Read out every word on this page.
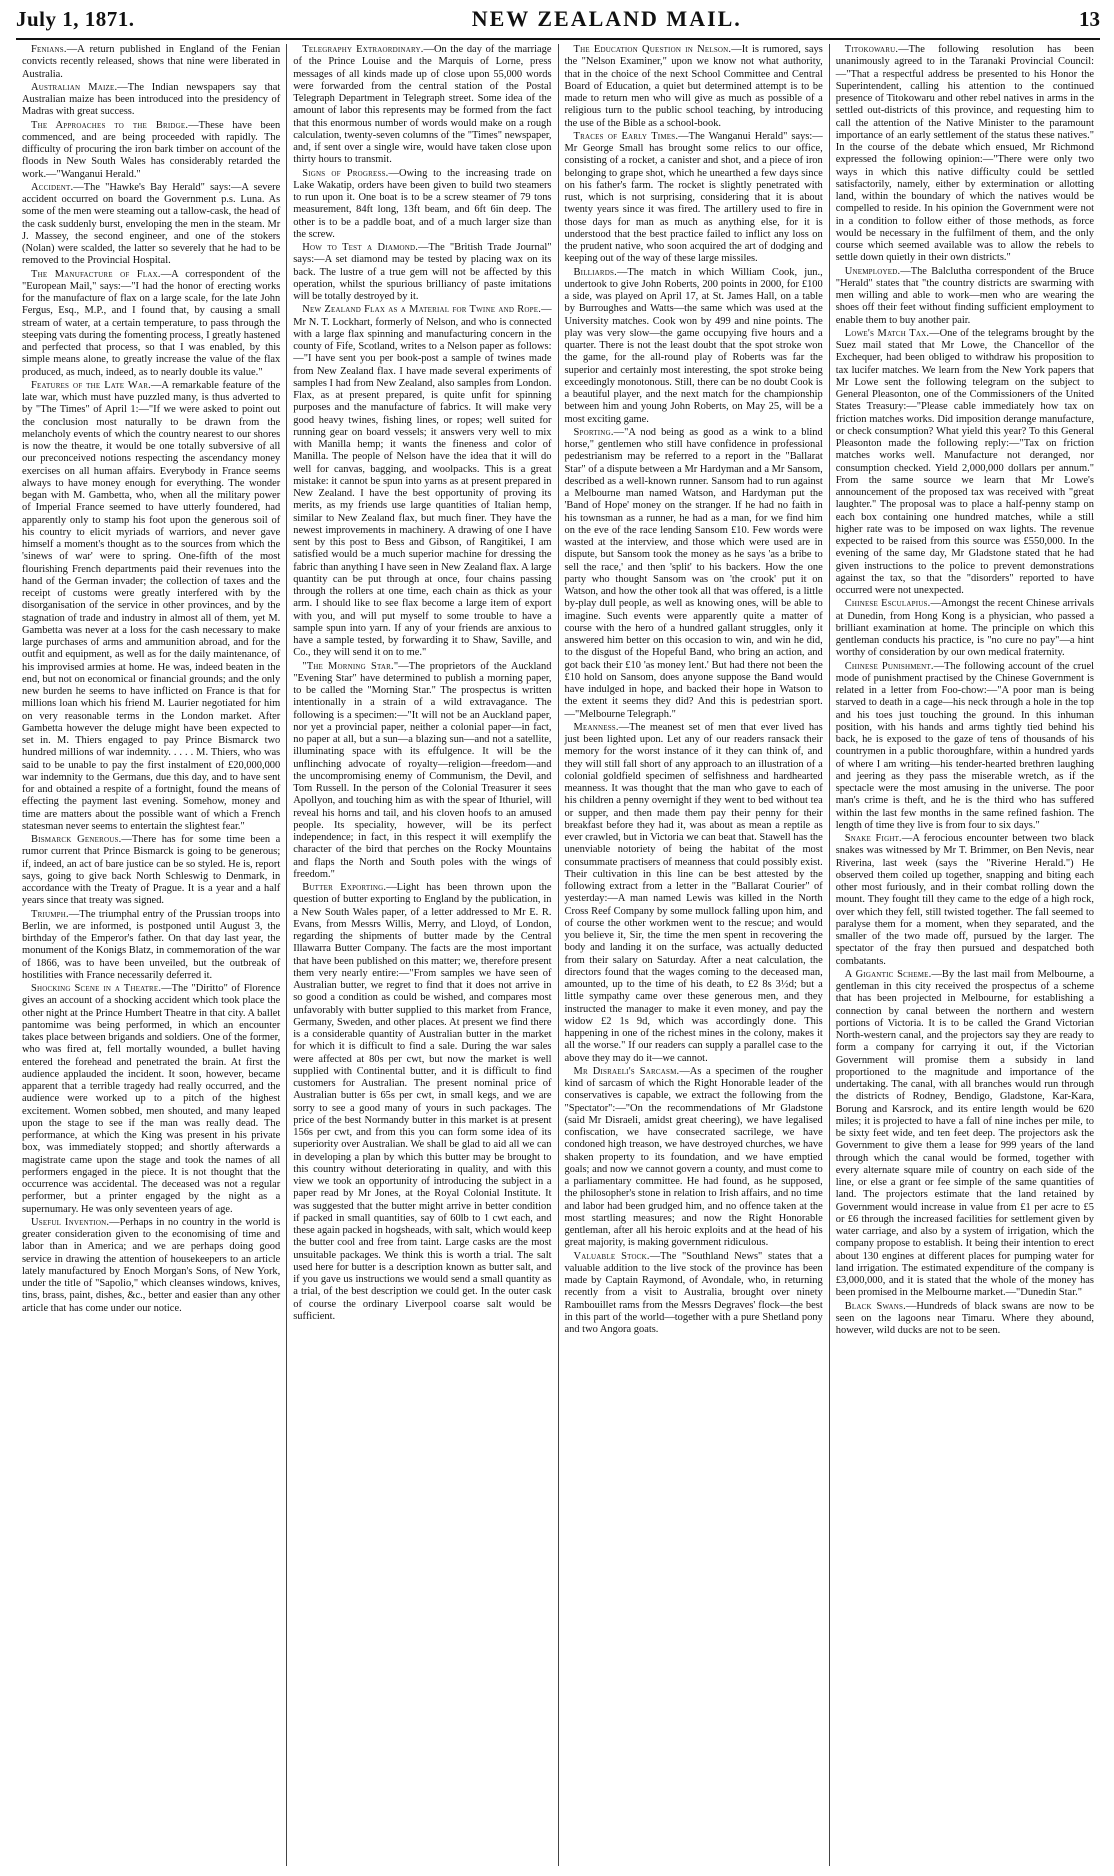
July 1, 1871.	NEW ZEALAND MAIL.	13

Fenians.—A return published in England of the Fenian convicts recently released, shows that nine were liberated in Australia.

Australian Maize.—The Indian newspapers say that Australian maize has been introduced into the presidency of Madras with great success.

The Approaches to the Bridge.—These have been commenced, and are being proceeded with rapidly. The difficulty of procuring the iron bark timber on account of the floods in New South Wales has considerably retarded the work.—"Wanganui Herald."

Accident.—The "Hawke's Bay Herald" says:—A severe accident occurred on board the Government p.s. Luna. As some of the men were steaming out a tallow-cask, the head of the cask suddenly burst, enveloping the men in the steam. Mr J. Massey, the second engineer, and one of the stokers (Nolan) were scalded, the latter so severely that he had to be removed to the Provincial Hospital.

The Manufacture of Flax.—A correspondent of the "European Mail," says:—"I had the honor of erecting works for the manufacture of flax on a large scale, for the late John Fergus, Esq., M.P., and I found that, by causing a small stream of water, at a certain temperature, to pass through the steeping vats during the fomenting process, I greatly hastened and perfected that process, so that I was enabled, by this simple means alone, to greatly increase the value of the flax produced, as much, indeed, as to nearly double its value."

Features of the Late War.—A remarkable feature of the late war, which must have puzzled many, is thus adverted to by "The Times" of April 1:—"If we were asked to point out the conclusion most naturally to be drawn from the melancholy events of which the country nearest to our shores is now the theatre, it would be one totally subversive of all our preconceived notions respecting the ascendancy money exercises on all human affairs. Everybody in France seems always to have money enough for everything. The wonder began with M. Gambetta, who, when all the military power of Imperial France seemed to have utterly foundered, had apparently only to stamp his foot upon the generous soil of his country to elicit myriads of warriors, and never gave himself a moment's thought as to the sources from which the 'sinews of war' were to spring. One-fifth of the most flourishing French departments paid their revenues into the hand of the German invader; the collection of taxes and the receipt of customs were greatly interfered with by the disorganisation of the service in other provinces, and by the stagnation of trade and industry in almost all of them, yet M. Gambetta was never at a loss for the cash necessary to make large purchases of arms and ammunition abroad, and for the outfit and equipment, as well as for the daily maintenance, of his improvised armies at home. He was, indeed beaten in the end, but not on economical or financial grounds; and the only new burden he seems to have inflicted on France is that for millions loan which his friend M. Laurier negotiated for him on very reasonable terms in the London market. After Gambetta however the deluge might have been expected to set in. M. Thiers engaged to pay Prince Bismarck two hundred millions of war indemnity. . . . . M. Thiers, who was said to be unable to pay the first instalment of £20,000,000 war indemnity to the Germans, due this day, and to have sent for and obtained a respite of a fortnight, found the means of effecting the payment last evening. Somehow, money and time are matters about the possible want of which a French statesman never seems to entertain the slightest fear."

Bismarck Generous.—There has for some time been a rumor current that Prince Bismarck is going to be generous; if, indeed, an act of bare justice can be so styled. He is, report says, going to give back North Schleswig to Denmark, in accordance with the Treaty of Prague. It is a year and a half years since that treaty was signed.

Triumph.—The triumphal entry of the Prussian troops into Berlin, we are informed, is postponed until August 3, the birthday of the Emperor's father. On that day last year, the monument of the Konigs Blatz, in commemoration of the war of 1866, was to have been unveiled, but the outbreak of hostilities with France necessarily deferred it.

Shocking Scene in a Theatre.—The "Diritto" of Florence gives an account of a shocking accident which took place the other night at the Prince Humbert Theatre in that city. A ballet pantomime was being performed, in which an encounter takes place between brigands and soldiers. One of the former, who was fired at, fell mortally wounded, a bullet having entered the forehead and penetrated the brain. At first the audience applauded the incident. It soon, however, became apparent that a terrible tragedy had really occurred, and the audience were worked up to a pitch of the highest excitement. Women sobbed, men shouted, and many leaped upon the stage to see if the man was really dead. The performance, at which the King was present in his private box, was immediately stopped; and shortly afterwards a magistrate came upon the stage and took the names of all performers engaged in the piece. It is not thought that the occurrence was accidental. The deceased was not a regular performer, but a printer engaged by the night as a supernumary. He was only seventeen years of age.

Useful Invention.—Perhaps in no country in the world is greater consideration given to the economising of time and labor than in America; and we are perhaps doing good service in drawing the attention of housekeepers to an article lately manufactured by Enoch Morgan's Sons, of New York, under the title of "Sapolio," which cleanses windows, knives, tins, brass, paint, dishes, &c., better and easier than any other article that has come under our notice.

Telegraphy Extraordinary.—On the day of the marriage of the Prince Louise and the Marquis of Lorne, press messages of all kinds made up of close upon 55,000 words were forwarded from the central station of the Postal Telegraph Department in Telegraph street. Some idea of the amount of labor this represents may be formed from the fact that this enormous number of words would make on a rough calculation, twenty-seven columns of the "Times" newspaper, and, if sent over a single wire, would have taken close upon thirty hours to transmit.

Signs of Progress.—Owing to the increasing trade on Lake Wakatip, orders have been given to build two steamers to run upon it. One boat is to be a screw steamer of 79 tons measurement, 84ft long, 13ft beam, and 6ft 6in deep. The other is to be a paddle boat, and of a much larger size than the screw.

How to Test a Diamond.—The "British Trade Journal" says:—A set diamond may be tested by placing wax on its back. The lustre of a true gem will not be affected by this operation, whilst the spurious brilliancy of paste imitations will be totally destroyed by it.

New Zealand Flax as a Material for Twine and Rope.—Mr N. T. Lockhart, formerly of Nelson, and who is connected with a large flax spinning and manufacturing concern in the county of Fife, Scotland, writes to a Nelson paper as follows:—"I have sent you per book-post a sample of twines made from New Zealand flax. I have made several experiments of samples I had from New Zealand, also samples from London. Flax, as at present prepared, is quite unfit for spinning purposes and the manufacture of fabrics. It will make very good heavy twines, fishing lines, or ropes; well suited for running gear on board vessels; it answers very well to mix with Manilla hemp; it wants the fineness and color of Manilla. The people of Nelson have the idea that it will do well for canvas, bagging, and woolpacks. This is a great mistake: it cannot be spun into yarns as at present prepared in New Zealand. I have the best opportunity of proving its merits, as my friends use large quantities of Italian hemp, similar to New Zealand flax, but much finer. They have the newest improvements in machinery. A drawing of one I have sent by this post to Bess and Gibson, of Rangitikei, I am satisfied would be a much superior machine for dressing the fabric than anything I have seen in New Zealand flax. A large quantity can be put through at once, four chains passing through the rollers at one time, each chain as thick as your arm. I should like to see flax become a large item of export with you, and will put myself to some trouble to have a sample spun into yarn. If any of your friends are anxious to have a sample tested, by forwarding it to Shaw, Saville, and Co., they will send it on to me."

"The Morning Star."—The proprietors of the Auckland "Evening Star" have determined to publish a morning paper, to be called the "Morning Star." The prospectus is written intentionally in a strain of a wild extravagance. The following is a specimen:—"It will not be an Auckland paper, nor yet a provincial paper, neither a colonial paper—in fact, no paper at all, but a sun—a blazing sun—and not a satellite, illuminating space with its effulgence. It will be the unflinching advocate of royalty—religion—freedom—and the uncompromising enemy of Communism, the Devil, and Tom Russell. In the person of the Colonial Treasurer it sees Apollyon, and touching him as with the spear of Ithuriel, will reveal his horns and tail, and his cloven hoofs to an amused people. Its speciality, however, will be its perfect independence; in fact, in this respect it will exemplify the character of the bird that perches on the Rocky Mountains and flaps the North and South poles with the wings of freedom."

Butter Exporting.—Light has been thrown upon the question of butter exporting to England by the publication, in a New South Wales paper, of a letter addressed to Mr E. R. Evans, from Messrs Willis, Merry, and Lloyd, of London, regarding the shipments of butter made by the Central Illawarra Butter Company. The facts are the most important that have been published on this matter; we, therefore present them very nearly entire:—"From samples we have seen of Australian butter, we regret to find that it does not arrive in so good a condition as could be wished, and compares most unfavorably with butter supplied to this market from France, Germany, Sweden, and other places. At present we find there is a considerable quantity of Australian butter in the market for which it is difficult to find a sale. During the war sales were affected at 80s per cwt, but now the market is well supplied with Continental butter, and it is difficult to find customers for Australian. The present nominal price of Australian butter is 65s per cwt, in small kegs, and we are sorry to see a good many of yours in such packages. The price of the best Normandy butter in this market is at present 156s per cwt, and from this you can form some idea of its superiority over Australian. We shall be glad to aid all we can in developing a plan by which this butter may be brought to this country without deteriorating in quality, and with this view we took an opportunity of introducing the subject in a paper read by Mr Jones, at the Royal Colonial Institute. It was suggested that the butter might arrive in better condition if packed in small quantities, say of 60lb to 1 cwt each, and these again packed in hogsheads, with salt, which would keep the butter cool and free from taint. Large casks are the most unsuitable packages. We think this is worth a trial. The salt used here for butter is a description known as butter salt, and if you gave us instructions we would send a small quantity as a trial, of the best description we could get. In the outer cask of course the ordinary Liverpool coarse salt would be sufficient.

The Education Question in Nelson.—It is rumored, says the "Nelson Examiner," upon we know not what authority, that in the choice of the next School Committee and Central Board of Education, a quiet but determined attempt is to be made to return men who will give as much as possible of a religious turn to the public school teaching, by introducing the use of the Bible as a school-book.

Traces of Early Times.—The Wanganui Herald" says:—Mr George Small has brought some relics to our office, consisting of a rocket, a canister and shot, and a piece of iron belonging to grape shot, which he unearthed a few days since on his father's farm. The rocket is slightly penetrated with rust, which is not surprising, considering that it is about twenty years since it was fired. The artillery used to fire in those days for man as much as anything else, for it is understood that the best practice failed to inflict any loss on the prudent native, who soon acquired the art of dodging and keeping out of the way of these large missiles.

Billiards.—The match in which William Cook, jun., undertook to give John Roberts, 200 points in 2000, for £100 a side, was played on April 17, at St. James Hall, on a table by Burroughes and Watts—the same which was used at the University matches. Cook won by 499 and nine points. The play was very slow—the game occupying five hours and a quarter. There is not the least doubt that the spot stroke won the game, for the all-round play of Roberts was far the superior and certainly most interesting, the spot stroke being exceedingly monotonous. Still, there can be no doubt Cook is a beautiful player, and the next match for the championship between him and young John Roberts, on May 25, will be a most exciting game.

Sporting.—"A nod being as good as a wink to a blind horse," gentlemen who still have confidence in professional pedestrianism may be referred to a report in the "Ballarat Star" of a dispute between a Mr Hardyman and a Mr Sansom, described as a well-known runner. Sansom had to run against a Melbourne man named Watson, and Hardyman put the 'Band of Hope' money on the stranger. If he had no faith in his townsman as a runner, he had as a man, for we find him on the eve of the race lending Sansom £10. Few words were wasted at the interview, and those which were used are in dispute, but Sansom took the money as he says 'as a bribe to sell the race,' and then 'split' to his backers. How the one party who thought Sansom was on 'the crook' put it on Watson, and how the other took all that was offered, is a little by-play dull people, as well as knowing ones, will be able to imagine. Such events were apparently quite a matter of course with the hero of a hundred gallant struggles, only it answered him better on this occasion to win, and win he did, to the disgust of the Hopeful Band, who bring an action, and got back their £10 'as money lent.' But had there not been the £10 hold on Sansom, does anyone suppose the Band would have indulged in hope, and backed their hope in Watson to the extent it seems they did? And this is pedestrian sport.—"Melbourne Telegraph."

Meanness.—The meanest set of men that ever lived has just been lighted upon. Let any of our readers ransack their memory for the worst instance of it they can think of, and they will still fall short of any approach to an illustration of a colonial goldfield specimen of selfishness and hardhearted meanness. It was thought that the man who gave to each of his children a penny overnight if they went to bed without tea or supper, and then made them pay their penny for their breakfast before they had it, was about as mean a reptile as ever crawled, but in Victoria we can beat that. Stawell has the unenviable notoriety of being the habitat of the most consummate practisers of meanness that could possibly exist. Their cultivation in this line can be best attested by the following extract from a letter in the "Ballarat Courier" of yesterday:—A man named Lewis was killed in the North Cross Reef Company by some mullock falling upon him, and of course the other workmen went to the rescue; and would you believe it, Sir, the time the men spent in recovering the body and landing it on the surface, was actually deducted from their salary on Saturday. After a neat calculation, the directors found that the wages coming to the deceased man, amounted, up to the time of his death, to £2 8s 3½d; but a little sympathy came over these generous men, and they instructed the manager to make it even money, and pay the widow £2 1s 9d, which was accordingly done. This happening in one of the richest mines in the colony, makes it all the worse." If our readers can supply a parallel case to the above they may do it—we cannot.

Mr Disraeli's Sarcasm.—As a specimen of the rougher kind of sarcasm of which the Right Honorable leader of the conservatives is capable, we extract the following from the "Spectator":—"On the recommendations of Mr Gladstone (said Mr Disraeli, amidst great cheering), we have legalised confiscation, we have consecrated sacrilege, we have condoned high treason, we have destroyed churches, we have shaken property to its foundation, and we have emptied goals; and now we cannot govern a county, and must come to a parliamentary committee. He had found, as he supposed, the philosopher's stone in relation to Irish affairs, and no time and labor had been grudged him, and no offence taken at the most startling measures; and now the Right Honorable gentleman, after all his heroic exploits and at the head of his great majority, is making government ridiculous.

Valuable Stock.—The "Southland News" states that a valuable addition to the live stock of the province has been made by Captain Raymond, of Avondale, who, in returning recently from a visit to Australia, brought over ninety Rambouillet rams from the Messrs Degraves' flock—the best in this part of the world—together with a pure Shetland pony and two Angora goats.

Titokowaru.—The following resolution has been unanimously agreed to in the Taranaki Provincial Council:—"That a respectful address be presented to his Honor the Superintendent, calling his attention to the continued presence of Titokowaru and other rebel natives in arms in the settled out-districts of this province, and requesting him to call the attention of the Native Minister to the paramount importance of an early settlement of the status these natives." In the course of the debate which ensued, Mr Richmond expressed the following opinion:—"There were only two ways in which this native difficulty could be settled satisfactorily, namely, either by extermination or allotting land, within the boundary of which the natives would be compelled to reside. In his opinion the Government were not in a condition to follow either of those methods, as force would be necessary in the fulfilment of them, and the only course which seemed available was to allow the rebels to settle down quietly in their own districts."

Unemployed.—The Balclutha correspondent of the Bruce "Herald" states that "the country districts are swarming with men willing and able to work—men who are wearing the shoes off their feet without finding sufficient employment to enable them to buy another pair.

Lowe's Match Tax.—One of the telegrams brought by the Suez mail stated that Mr Lowe, the Chancellor of the Exchequer, had been obliged to withdraw his proposition to tax lucifer matches. We learn from the New York papers that Mr Lowe sent the following telegram on the subject to General Pleasonton, one of the Commissioners of the United States Treasury:—"Please cable immediately how tax on friction matches works. Did imposition derange manufacture, or check consumption? What yield this year? To this General Pleasonton made the following reply:—"Tax on friction matches works well. Manufacture not deranged, nor consumption checked. Yield 2,000,000 dollars per annum." From the same source we learn that Mr Lowe's announcement of the proposed tax was received with "great laughter." The proposal was to place a half-penny stamp on each box containing one hundred matches, while a still higher rate was to be imposed on wax lights. The revenue expected to be raised from this source was £550,000. In the evening of the same day, Mr Gladstone stated that he had given instructions to the police to prevent demonstrations against the tax, so that the "disorders" reported to have occurred were not unexpected.

Chinese Esculapius.—Amongst the recent Chinese arrivals at Dunedin, from Hong Kong is a physician, who passed a brilliant examination at home. The principle on which this gentleman conducts his practice, is "no cure no pay"—a hint worthy of consideration by our own medical fraternity.

Chinese Punishment.—The following account of the cruel mode of punishment practised by the Chinese Government is related in a letter from Foo-chow:—"A poor man is being starved to death in a cage—his neck through a hole in the top and his toes just touching the ground. In this inhuman position, with his hands and arms tightly tied behind his back, he is exposed to the gaze of tens of thousands of his countrymen in a public thoroughfare, within a hundred yards of where I am writing—his tender-hearted brethren laughing and jeering as they pass the miserable wretch, as if the spectacle were the most amusing in the universe. The poor man's crime is theft, and he is the third who has suffered within the last few months in the same refined fashion. The length of time they live is from four to six days."

Snake Fight.—A ferocious encounter between two black snakes was witnessed by Mr T. Brimmer, on Ben Nevis, near Riverina, last week (says the "Riverine Herald.") He observed them coiled up together, snapping and biting each other most furiously, and in their combat rolling down the mount. They fought till they came to the edge of a high rock, over which they fell, still twisted together. The fall seemed to paralyse them for a moment, when they separated, and the smaller of the two made off, pursued by the larger. The spectator of the fray then pursued and despatched both combatants.

A Gigantic Scheme.—By the last mail from Melbourne, a gentleman in this city received the prospectus of a scheme that has been projected in Melbourne, for establishing a connection by canal between the northern and western portions of Victoria. It is to be called the Grand Victorian North-western canal, and the projectors say they are ready to form a company for carrying it out, if the Victorian Government will promise them a subsidy in land proportioned to the magnitude and importance of the undertaking. The canal, with all branches would run through the districts of Rodney, Bendigo, Gladstone, Kar-Kara, Borung and Karsrock, and its entire length would be 620 miles; it is projected to have a fall of nine inches per mile, to be sixty feet wide, and ten feet deep. The projectors ask the Government to give them a lease for 999 years of the land through which the canal would be formed, together with every alternate square mile of country on each side of the line, or else a grant or fee simple of the same quantities of land. The projectors estimate that the land retained by Government would increase in value from £1 per acre to £5 or £6 through the increased facilities for settlement given by water carriage, and also by a system of irrigation, which the company propose to establish. It being their intention to erect about 130 engines at different places for pumping water for land irrigation. The estimated expenditure of the company is £3,000,000, and it is stated that the whole of the money has been promised in the Melbourne market.—"Dunedin Star."

Black Swans.—Hundreds of black swans are now to be seen on the lagoons near Timaru. Where they abound, however, wild ducks are not to be seen.
